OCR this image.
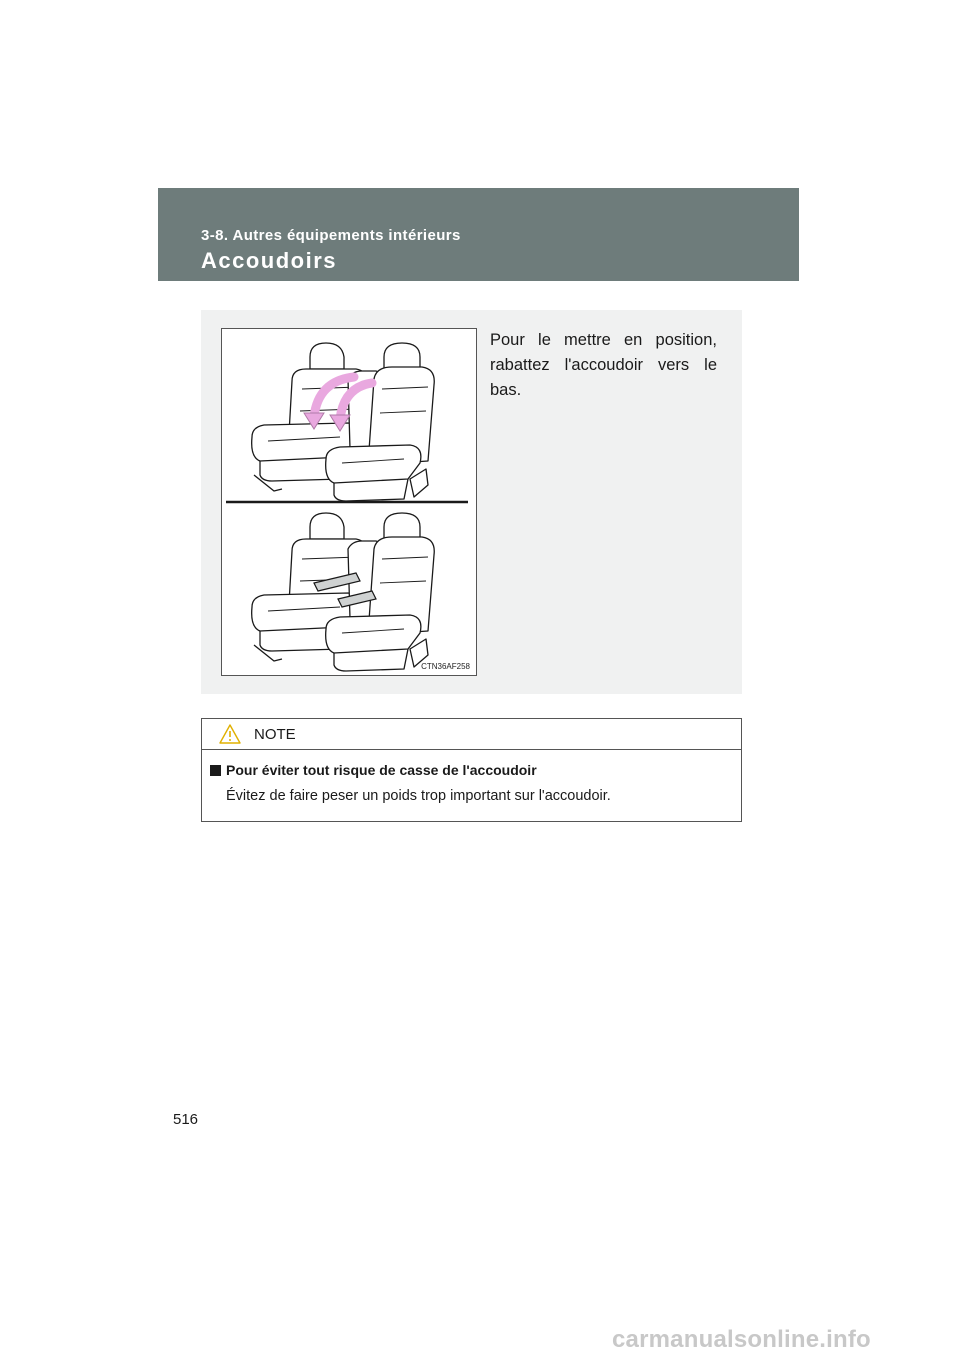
3-8. Autres équipements intérieurs
Accoudoirs
CTN36AF258

Pour le mettre en position, rabattez l'accoudoir vers le bas.

NOTE
Pour éviter tout risque de casse de l'accoudoir
Évitez de faire peser un poids trop important sur l'accoudoir.
516
carmanualsonline.info
